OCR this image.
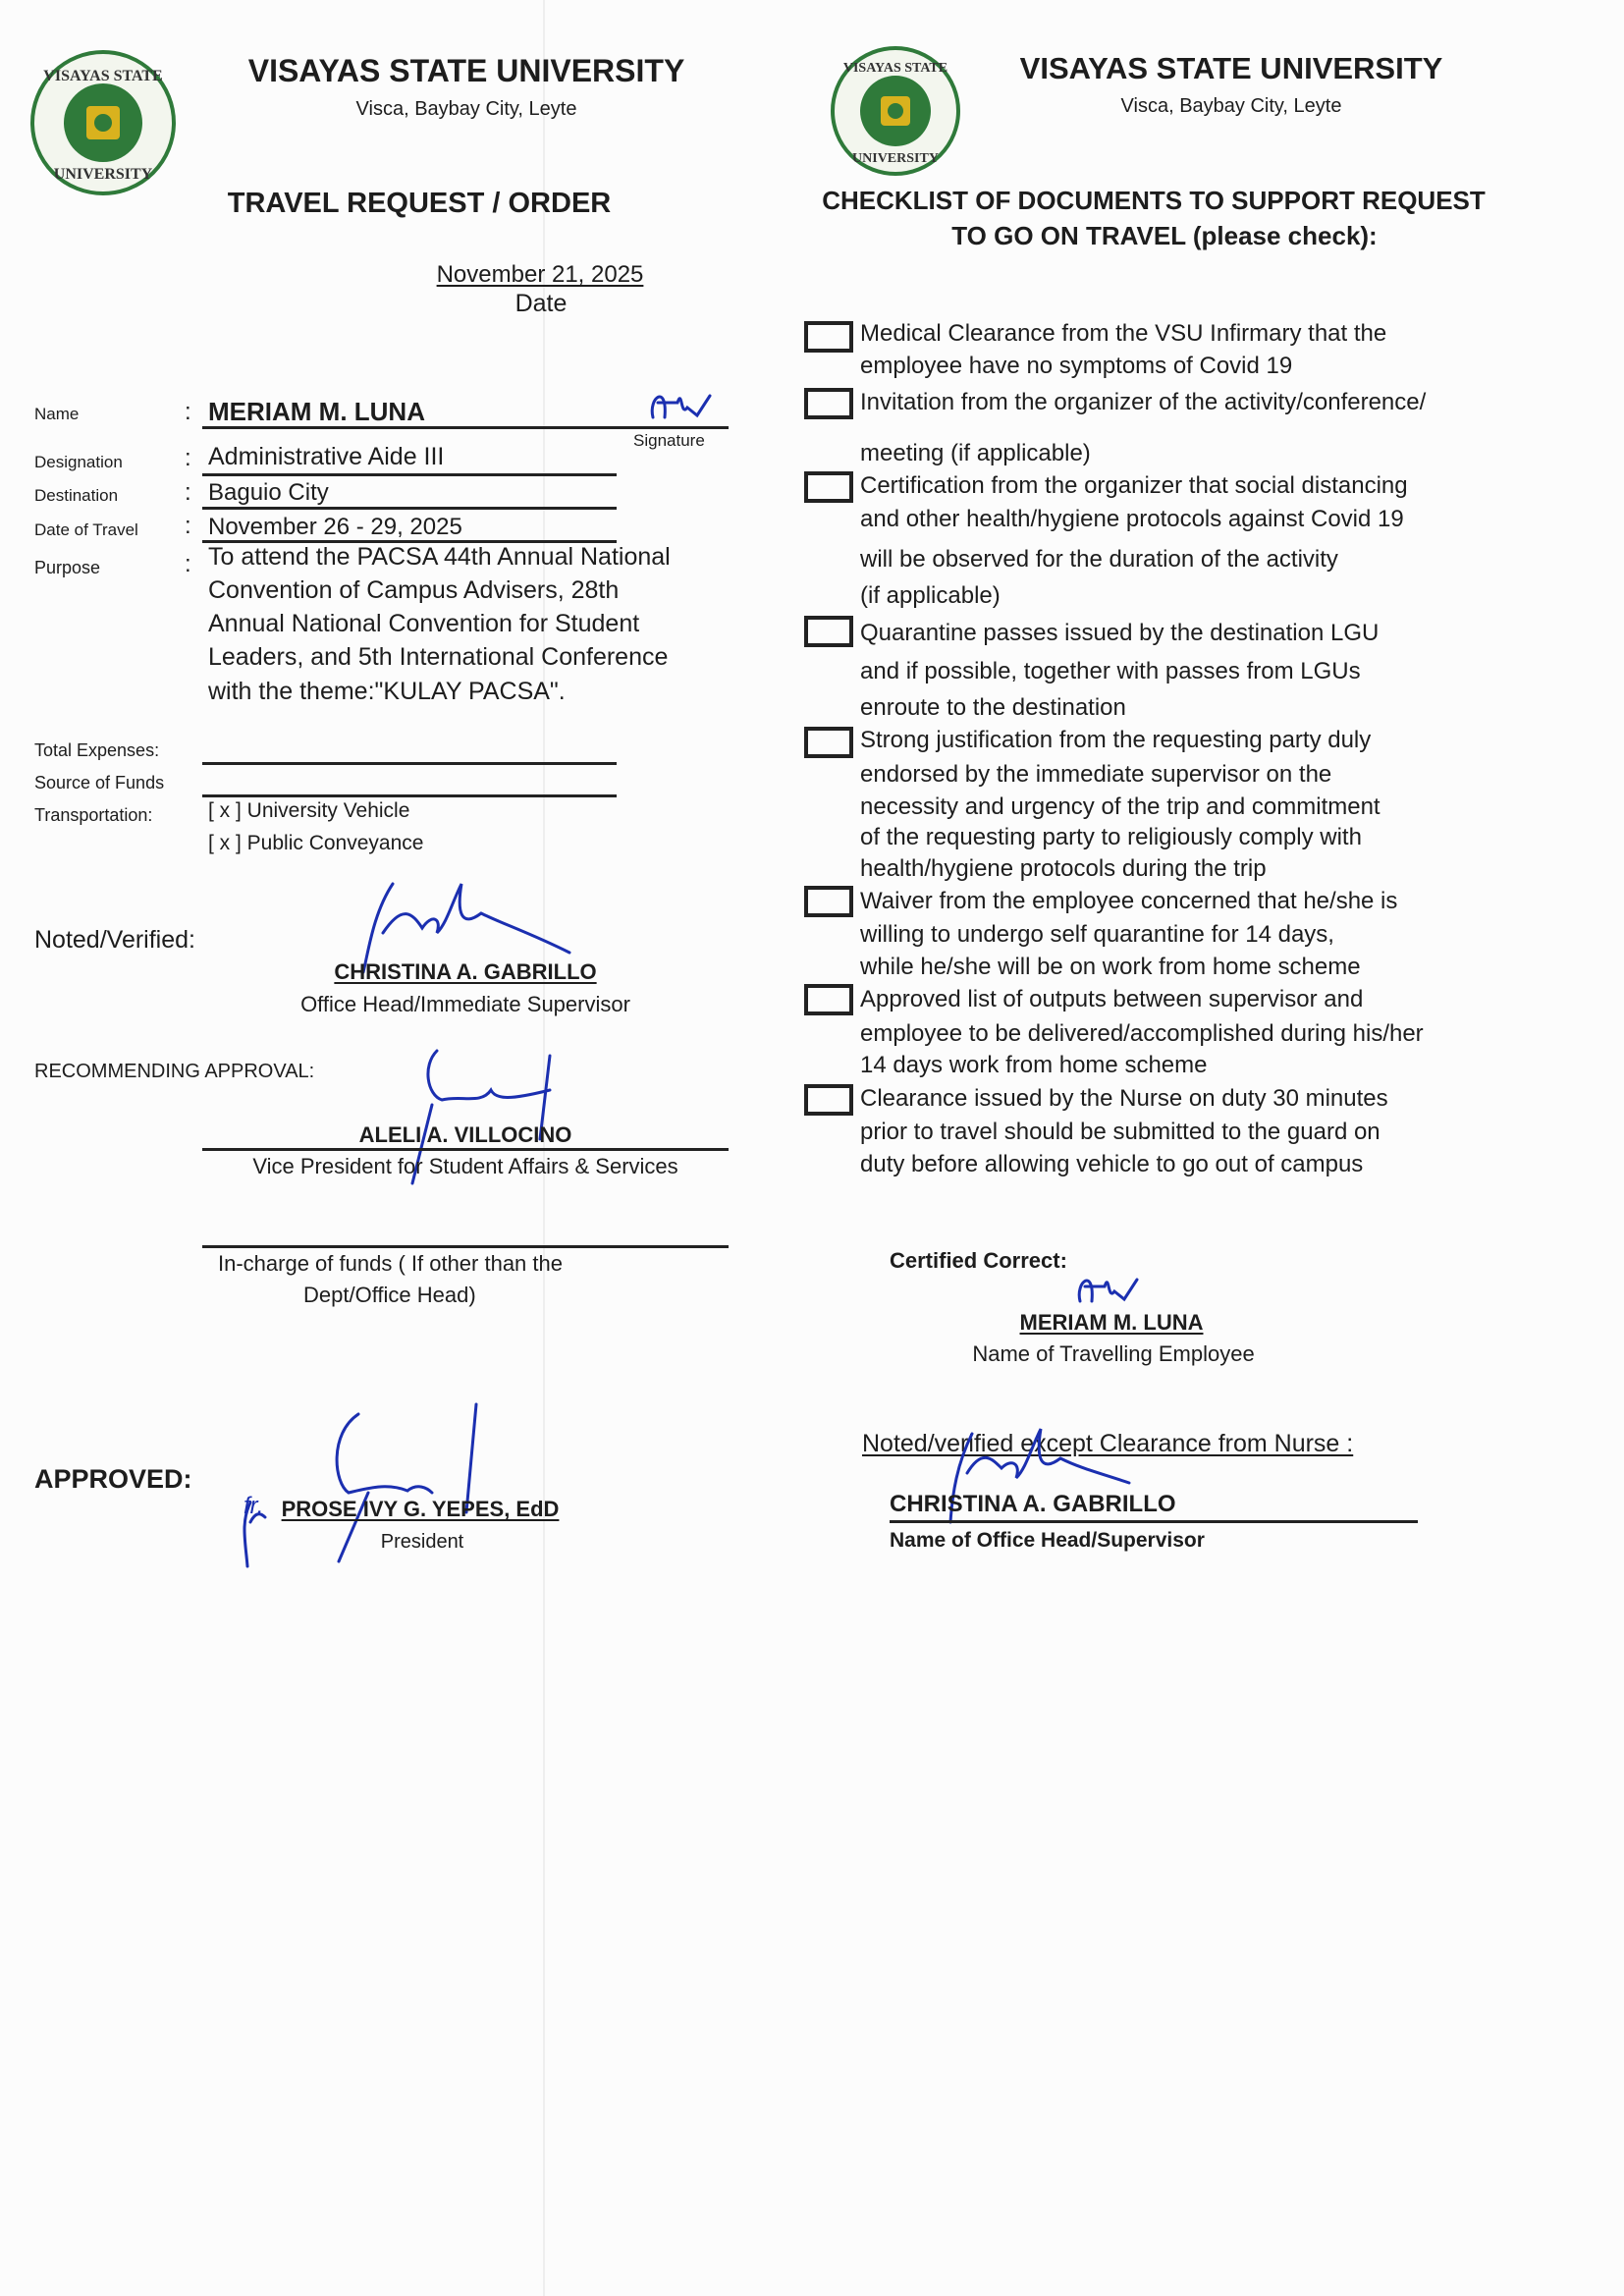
VISAYAS STATE
UNIVERSITY
VISAYAS STATE UNIVERSITY
Visca, Baybay City, Leyte
TRAVEL REQUEST / ORDER
November 21, 2025
Date
Name	: MERIAM M. LUNA
Signature
Designation	: Administrative Aide III
Destination	: Baguio City
Date of Travel : November 26 - 29, 2025
Purpose	: To attend the PACSA 44th Annual National
Convention of Campus Advisers, 28th
Annual National Convention for Student
Leaders, and 5th International Conference
with the theme:"KULAY PACSA".
Total Expenses:
Source of Funds
Transportation:	[ x ] University Vehicle
[ x ] Public Conveyance
Noted/Verified:
CHRISTINA A. GABRILLO
Office Head/Immediate Supervisor
RECOMMENDING APPROVAL:
ALELI A. VILLOCINO
Vice President for Student Affairs & Services
In-charge of funds ( If other than the
Dept/Office Head)
APPROVED:
fr. PROSE IVY G. YEPES, EdD
President
VISAYAS STATE
UNIVERSITY
VISAYAS STATE UNIVERSITY
Visca, Baybay City, Leyte
CHECKLIST OF DOCUMENTS TO SUPPORT REQUEST
TO GO ON TRAVEL (please check):
Medical Clearance from the VSU Infirmary that the
employee have no symptoms of Covid 19
Invitation from the organizer of the activity/conference/
meeting (if applicable)
Certification from the organizer that social distancing
and other health/hygiene protocols against Covid 19
will be observed for the duration of the activity
(if applicable)
Quarantine passes issued by the destination LGU
and if possible, together with passes from LGUs
enroute to the destination
Strong justification from the requesting party duly
endorsed by the immediate supervisor on the
necessity and urgency of the trip and commitment
of the requesting party to religiously comply with
health/hygiene protocols during the trip
Waiver from the employee concerned that he/she is
willing to undergo self quarantine for 14 days,
while he/she will be on work from home scheme
Approved list of outputs between supervisor and
employee to be delivered/accomplished during his/her
14 days work from home scheme
Clearance issued by the Nurse on duty 30 minutes
prior to travel should be submitted to the guard on
duty before allowing vehicle to go out of campus
Certified Correct:
MERIAM M. LUNA
Name of Travelling Employee
Noted/verified except Clearance from Nurse :
CHRISTINA A. GABRILLO
Name of Office Head/Supervisor
